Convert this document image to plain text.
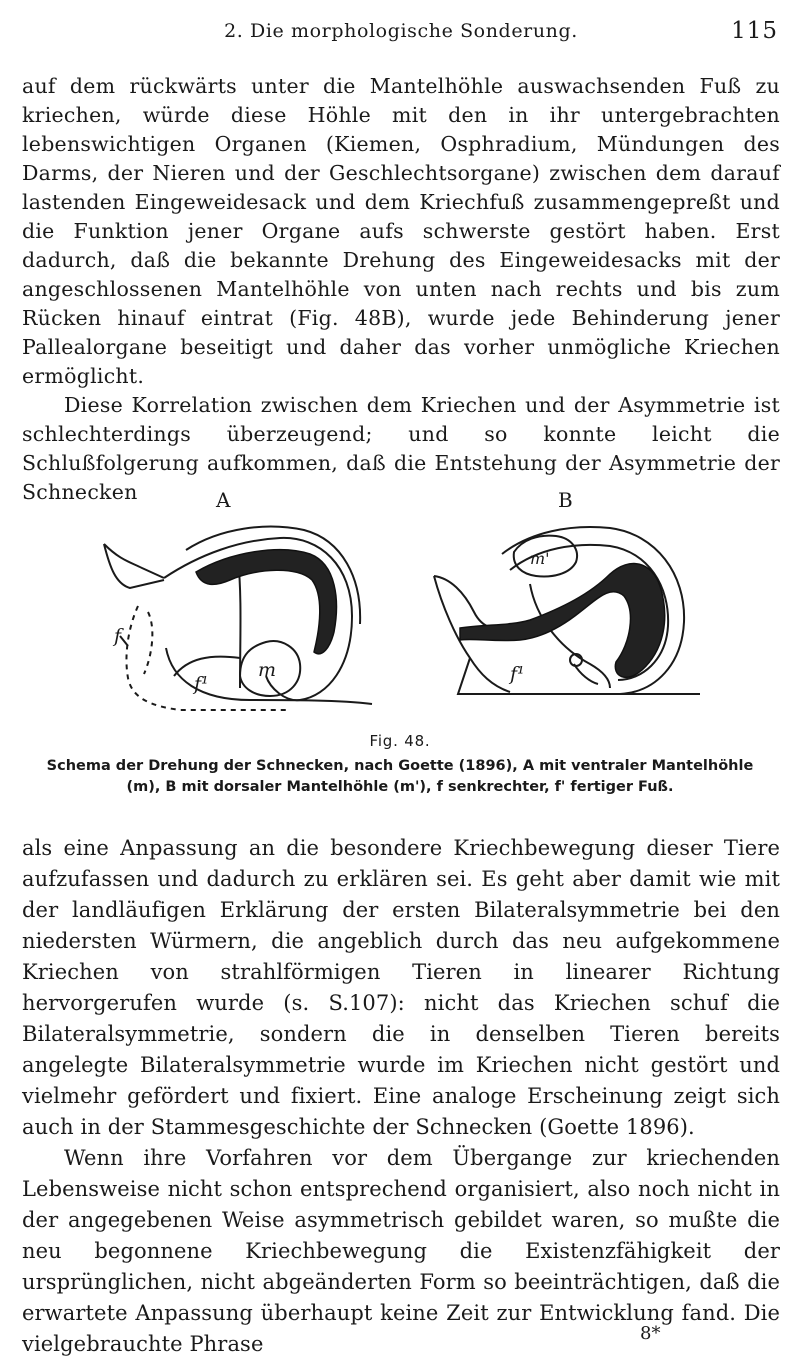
2. Die morphologische Sonderung.	115

auf dem rückwärts unter die Mantelhöhle auswachsenden Fuß zu kriechen, würde diese Höhle mit den in ihr untergebrachten lebenswichtigen Organen (Kiemen, Osphradium, Mündungen des Darms, der Nieren und der Geschlechtsorgane) zwischen dem darauf lastenden Eingeweidesack und dem Kriechfuß zusammengepreßt und die Funktion jener Organe aufs schwerste gestört haben. Erst dadurch, daß die bekannte Drehung des Eingeweidesacks mit der angeschlossenen Mantelhöhle von unten nach rechts und bis zum Rücken hinauf eintrat (Fig. 48B), wurde jede Behinderung jener Pallealorgane beseitigt und daher das vorher unmögliche Kriechen ermöglicht.

Diese Korrelation zwischen dem Kriechen und der Asymmetrie ist schlechterdings überzeugend; und so konnte leicht die Schlußfolgerung aufkommen, daß die Entstehung der Asymmetrie der Schnecken	A	B
f
f¹
m
m'
f¹
Fig. 48.
Schema der Drehung der Schnecken, nach Goette (1896), A mit ventraler Mantelhöhle (m), B mit dorsaler Mantelhöhle (m'), f senkrechter, f' fertiger Fuß.

als eine Anpassung an die besondere Kriechbewegung dieser Tiere aufzufassen und dadurch zu erklären sei. Es geht aber damit wie mit der landläufigen Erklärung der ersten Bilateralsymmetrie bei den niedersten Würmern, die angeblich durch das neu aufgekommene Kriechen von strahlförmigen Tieren in linearer Richtung hervorgerufen wurde (s. S.107): nicht das Kriechen schuf die Bilateralsymmetrie, sondern die in denselben Tieren bereits angelegte Bilateralsymmetrie wurde im Kriechen nicht gestört und vielmehr gefördert und fixiert. Eine analoge Erscheinung zeigt sich auch in der Stammesgeschichte der Schnecken (Goette 1896).

Wenn ihre Vorfahren vor dem Übergange zur kriechenden Lebensweise nicht schon entsprechend organisiert, also noch nicht in der angegebenen Weise asymmetrisch gebildet waren, so mußte die neu begonnene Kriechbewegung die Existenzfähigkeit der ursprünglichen, nicht abgeänderten Form so beeinträchtigen, daß die erwartete Anpassung überhaupt keine Zeit zur Entwicklung fand. Die vielgebrauchte Phrase	8*
